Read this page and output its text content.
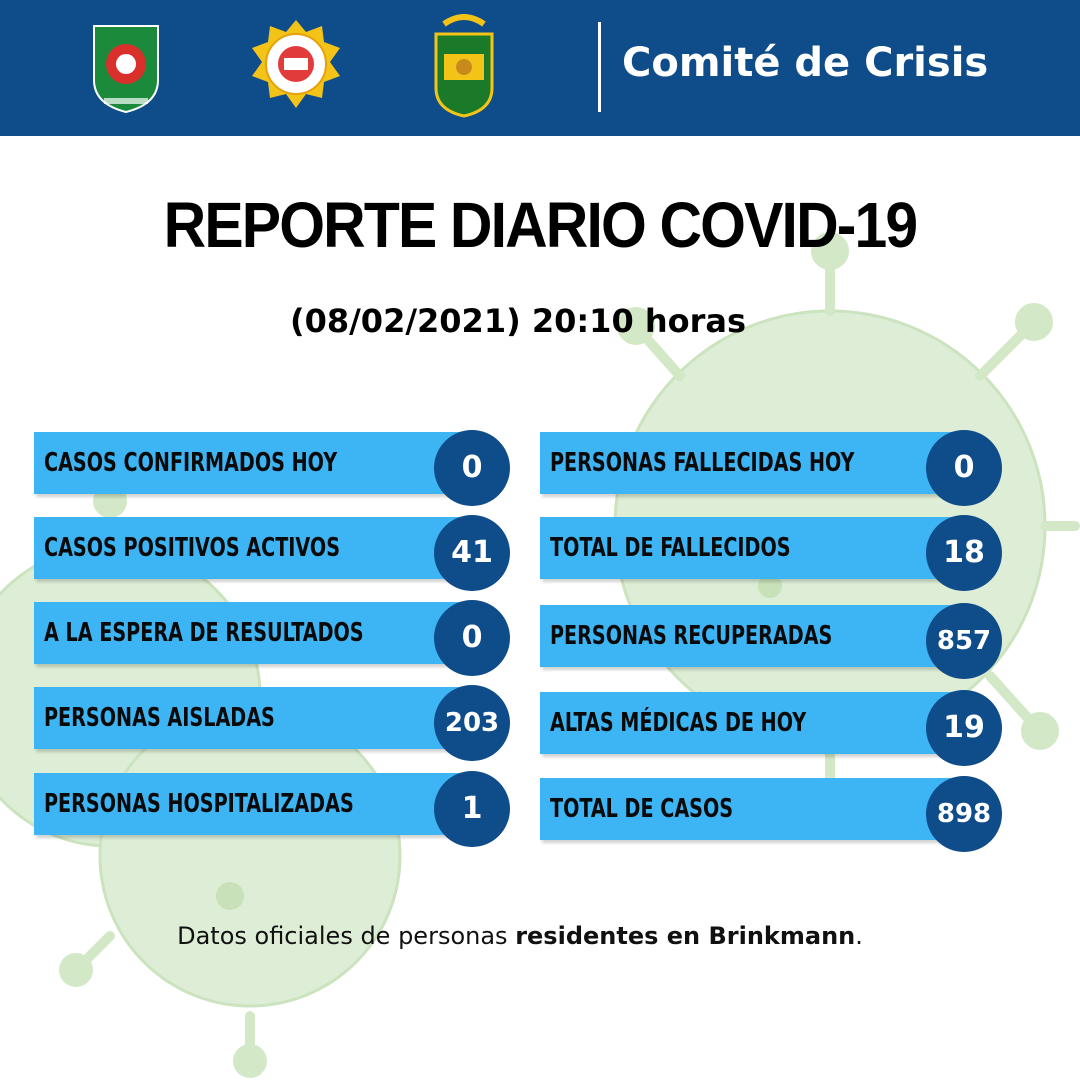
Comité de Crisis
REPORTE DIARIO COVID-19
(08/02/2021) 20:10 horas
CASOS CONFIRMADOS HOY	0
CASOS POSITIVOS ACTIVOS	41
A LA ESPERA DE RESULTADOS	0
PERSONAS AISLADAS	203
PERSONAS HOSPITALIZADAS	1
PERSONAS FALLECIDAS HOY	0
TOTAL DE FALLECIDOS	18
PERSONAS RECUPERADAS	857
ALTAS MÉDICAS DE HOY	19
TOTAL DE CASOS	898
Datos oficiales de personas residentes en Brinkmann.
